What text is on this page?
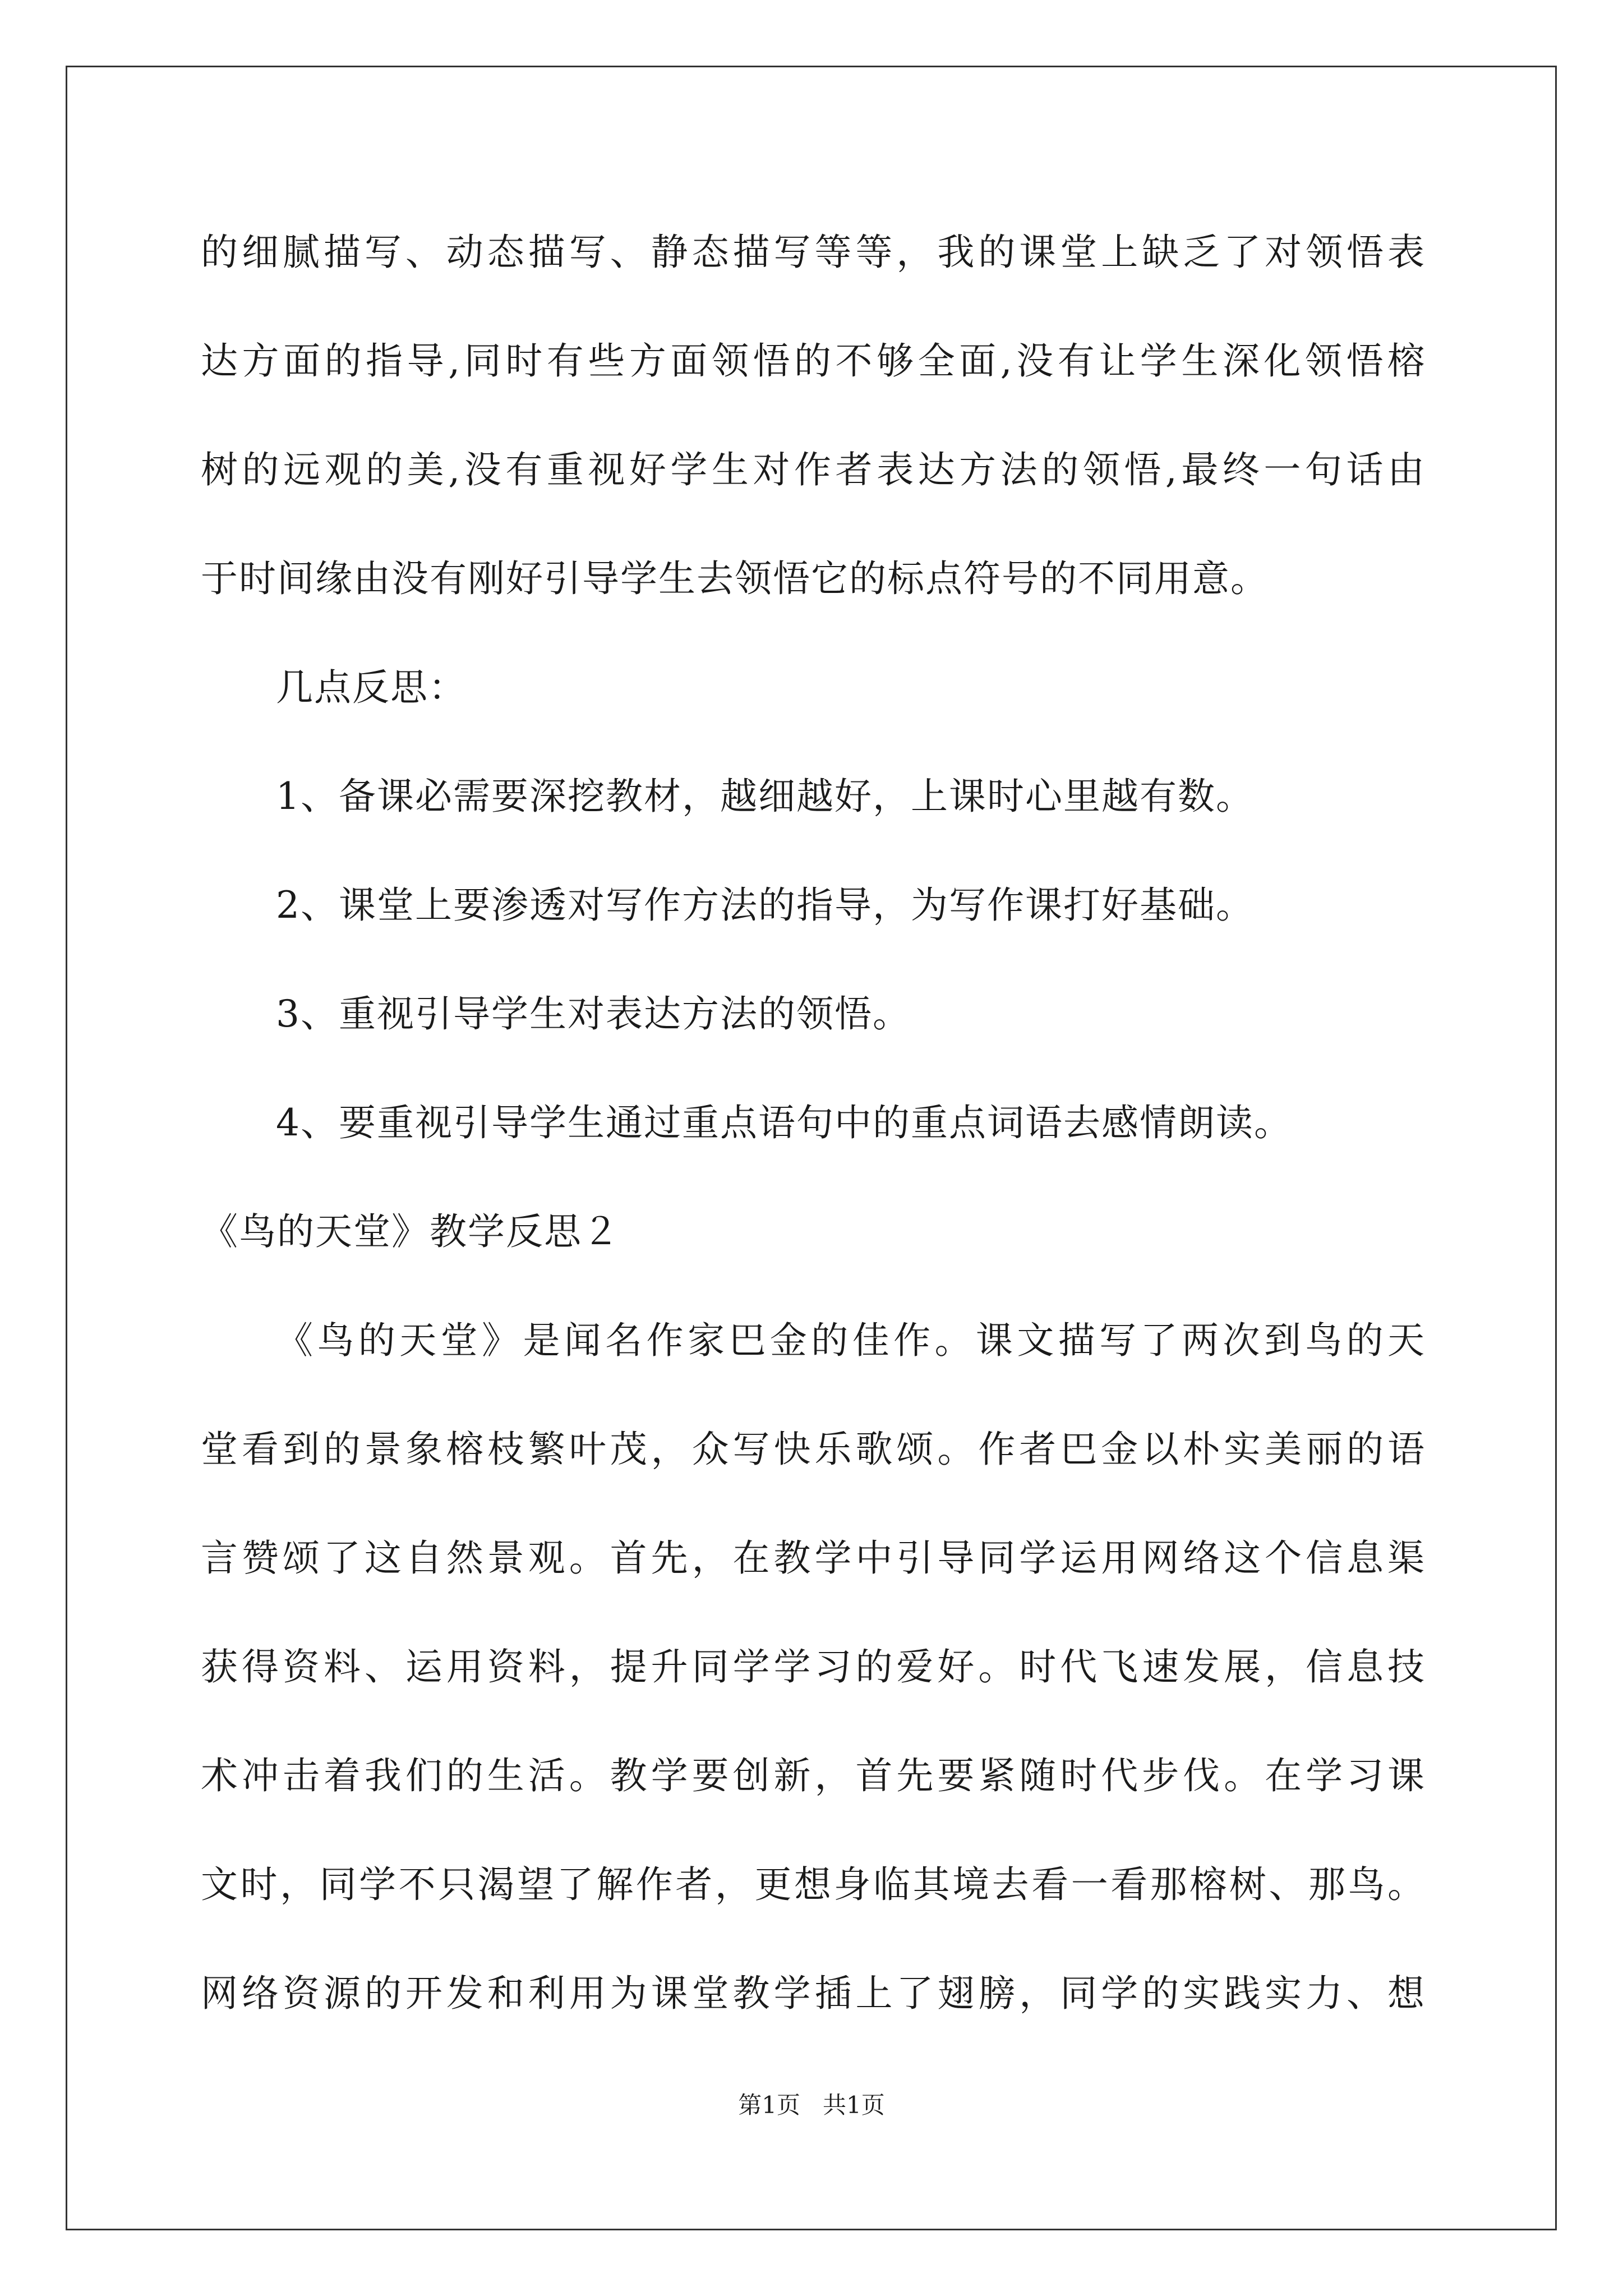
的细腻描写、动态描写、静态描写等等，我的课堂上缺乏了对领悟表
达方面的指导,同时有些方面领悟的不够全面,没有让学生深化领悟榕
树的远观的美,没有重视好学生对作者表达方法的领悟,最终一句话由
于时间缘由没有刚好引导学生去领悟它的标点符号的不同用意。
几点反思：
1、备课必需要深挖教材，越细越好，上课时心里越有数。
2、课堂上要渗透对写作方法的指导，为写作课打好基础。
3、重视引导学生对表达方法的领悟。
4、要重视引导学生通过重点语句中的重点词语去感情朗读。
《鸟的天堂》教学反思２
《鸟的天堂》是闻名作家巴金的佳作。课文描写了两次到鸟的天
堂看到的景象榕枝繁叶茂，众写快乐歌颂。作者巴金以朴实美丽的语
言赞颂了这自然景观。首先，在教学中引导同学运用网络这个信息渠
获得资料、运用资料，提升同学学习的爱好。时代飞速发展，信息技
术冲击着我们的生活。教学要创新，首先要紧随时代步伐。在学习课
文时，同学不只渴望了解作者，更想身临其境去看一看那榕树、那鸟。
网络资源的开发和利用为课堂教学插上了翅膀，同学的实践实力、想
第1页   共1页
